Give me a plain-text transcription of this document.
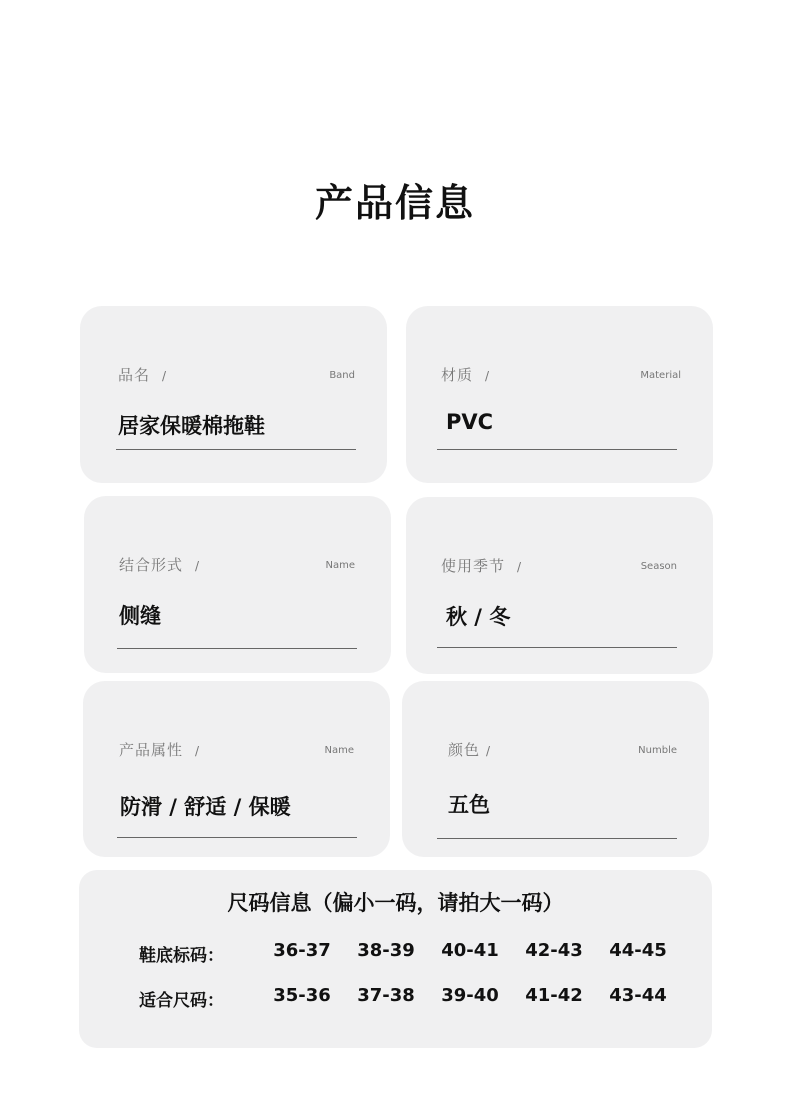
产品信息
品名 /	Band
居家保暖棉拖鞋
材质 /	Material
PVC
结合形式 /	Name
侧缝
使用季节 /	Season
秋 / 冬
产品属性 /	Name
防滑 / 舒适 / 保暖
颜色 /	Numble
五色
尺码信息（偏小一码，请拍大一码）
鞋底标码：	36-37	38-39	40-41	42-43	44-45
适合尺码：	35-36	37-38	39-40	41-42	43-44
